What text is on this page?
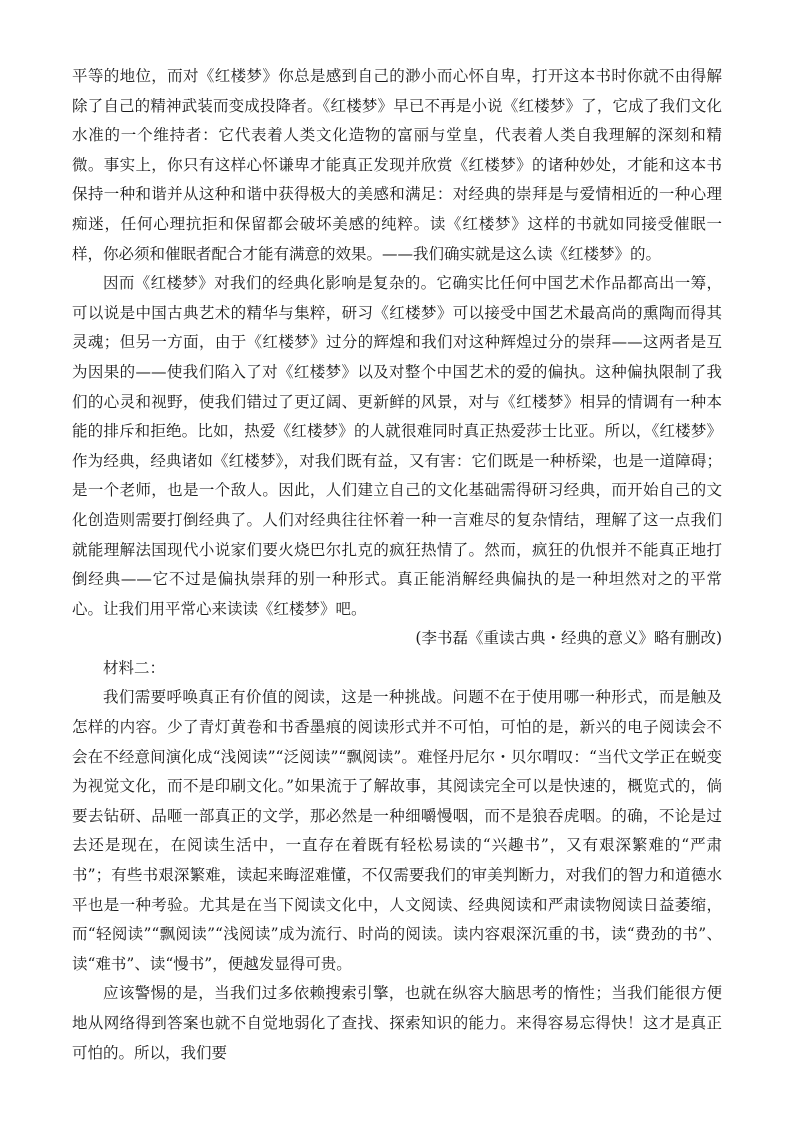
平等的地位，而对《红楼梦》你总是感到自己的渺小而心怀自卑，打开这本书时你就不由得解除了自己的精神武装而变成投降者。《红楼梦》早已不再是小说《红楼梦》了，它成了我们文化水准的一个维持者：它代表着人类文化造物的富丽与堂皇，代表着人类自我理解的深刻和精微。事实上，你只有这样心怀谦卑才能真正发现并欣赏《红楼梦》的诸种妙处，才能和这本书保持一种和谐并从这种和谐中获得极大的美感和满足：对经典的崇拜是与爱情相近的一种心理痴迷，任何心理抗拒和保留都会破坏美感的纯粹。读《红楼梦》这样的书就如同接受催眠一样，你必须和催眠者配合才能有满意的效果。——我们确实就是这么读《红楼梦》的。

因而《红楼梦》对我们的经典化影响是复杂的。它确实比任何中国艺术作品都高出一筹，可以说是中国古典艺术的精华与集粹，研习《红楼梦》可以接受中国艺术最高尚的熏陶而得其灵魂；但另一方面，由于《红楼梦》过分的辉煌和我们对这种辉煌过分的崇拜——这两者是互为因果的——使我们陷入了对《红楼梦》以及对整个中国艺术的爱的偏执。这种偏执限制了我们的心灵和视野，使我们错过了更辽阔、更新鲜的风景，对与《红楼梦》相异的情调有一种本能的排斥和拒绝。比如，热爱《红楼梦》的人就很难同时真正热爱莎士比亚。所以，《红楼梦》作为经典，经典诸如《红楼梦》，对我们既有益，又有害：它们既是一种桥梁，也是一道障碍；是一个老师，也是一个敌人。因此，人们建立自己的文化基础需得研习经典，而开始自己的文化创造则需要打倒经典了。人们对经典往往怀着一种一言难尽的复杂情结，理解了这一点我们就能理解法国现代小说家们要火烧巴尔扎克的疯狂热情了。然而，疯狂的仇恨并不能真正地打倒经典——它不过是偏执崇拜的别一种形式。真正能消解经典偏执的是一种坦然对之的平常心。让我们用平常心来读读《红楼梦》吧。

(李书磊《重读古典・经典的意义》略有删改)

材料二：

我们需要呼唤真正有价值的阅读，这是一种挑战。问题不在于使用哪一种形式，而是触及怎样的内容。少了青灯黄卷和书香墨痕的阅读形式并不可怕，可怕的是，新兴的电子阅读会不会在不经意间演化成“浅阅读”“泛阅读”“飘阅读”。难怪丹尼尔・贝尔喟叹：“当代文学正在蜕变为视觉文化，而不是印刷文化。”如果流于了解故事，其阅读完全可以是快速的，概览式的，倘要去钻研、品咂一部真正的文学，那必然是一种细嚼慢咽，而不是狼吞虎咽。的确，不论是过去还是现在，在阅读生活中，一直存在着既有轻松易读的“兴趣书”，又有艰深繁难的“严肃书”；有些书艰深繁难，读起来晦涩难懂，不仅需要我们的审美判断力，对我们的智力和道德水平也是一种考验。尤其是在当下阅读文化中，人文阅读、经典阅读和严肃读物阅读日益萎缩，而“轻阅读”“飘阅读”“浅阅读”成为流行、时尚的阅读。读内容艰深沉重的书，读“费劲的书”、读“难书”、读“慢书”，便越发显得可贵。

应该警惕的是，当我们过多依赖搜索引擎，也就在纵容大脑思考的惰性；当我们能很方便地从网络得到答案也就不自觉地弱化了查找、探索知识的能力。来得容易忘得快！这才是真正可怕的。所以，我们要
